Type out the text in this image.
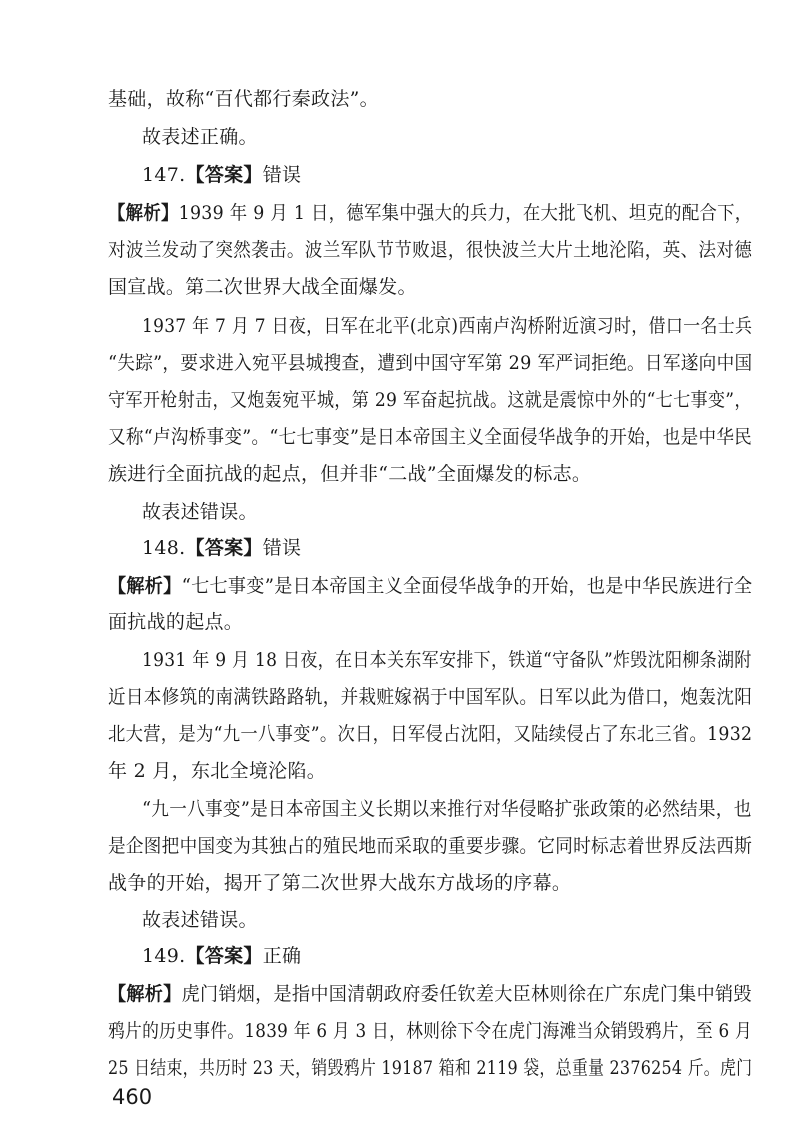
基础，故称“百代都行秦政法”。
故表述正确。
147.【答案】错误
【解析】1939 年 9 月 1 日，德军集中强大的兵力，在大批飞机、坦克的配合下，
对波兰发动了突然袭击。波兰军队节节败退，很快波兰大片土地沦陷，英、法对德
国宣战。第二次世界大战全面爆发。
1937 年 7 月 7 日夜，日军在北平(北京)西南卢沟桥附近演习时，借口一名士兵
“失踪”，要求进入宛平县城搜查，遭到中国守军第 29 军严词拒绝。日军遂向中国
守军开枪射击，又炮轰宛平城，第 29 军奋起抗战。这就是震惊中外的“七七事变”，
又称“卢沟桥事变”。“七七事变”是日本帝国主义全面侵华战争的开始，也是中华民
族进行全面抗战的起点，但并非“二战”全面爆发的标志。
故表述错误。
148.【答案】错误
【解析】“七七事变”是日本帝国主义全面侵华战争的开始，也是中华民族进行全
面抗战的起点。
1931 年 9 月 18 日夜，在日本关东军安排下，铁道“守备队”炸毁沈阳柳条湖附
近日本修筑的南满铁路路轨，并栽赃嫁祸于中国军队。日军以此为借口，炮轰沈阳
北大营，是为“九一八事变”。次日，日军侵占沈阳，又陆续侵占了东北三省。1932
年 2 月，东北全境沦陷。
“九一八事变”是日本帝国主义长期以来推行对华侵略扩张政策的必然结果，也
是企图把中国变为其独占的殖民地而采取的重要步骤。它同时标志着世界反法西斯
战争的开始，揭开了第二次世界大战东方战场的序幕。
故表述错误。
149.【答案】正确
【解析】虎门销烟，是指中国清朝政府委任钦差大臣林则徐在广东虎门集中销毁
鸦片的历史事件。1839 年 6 月 3 日，林则徐下令在虎门海滩当众销毁鸦片，至 6 月
25 日结束，共历时 23 天，销毁鸦片 19187 箱和 2119 袋，总重量 2376254 斤。虎门
460
